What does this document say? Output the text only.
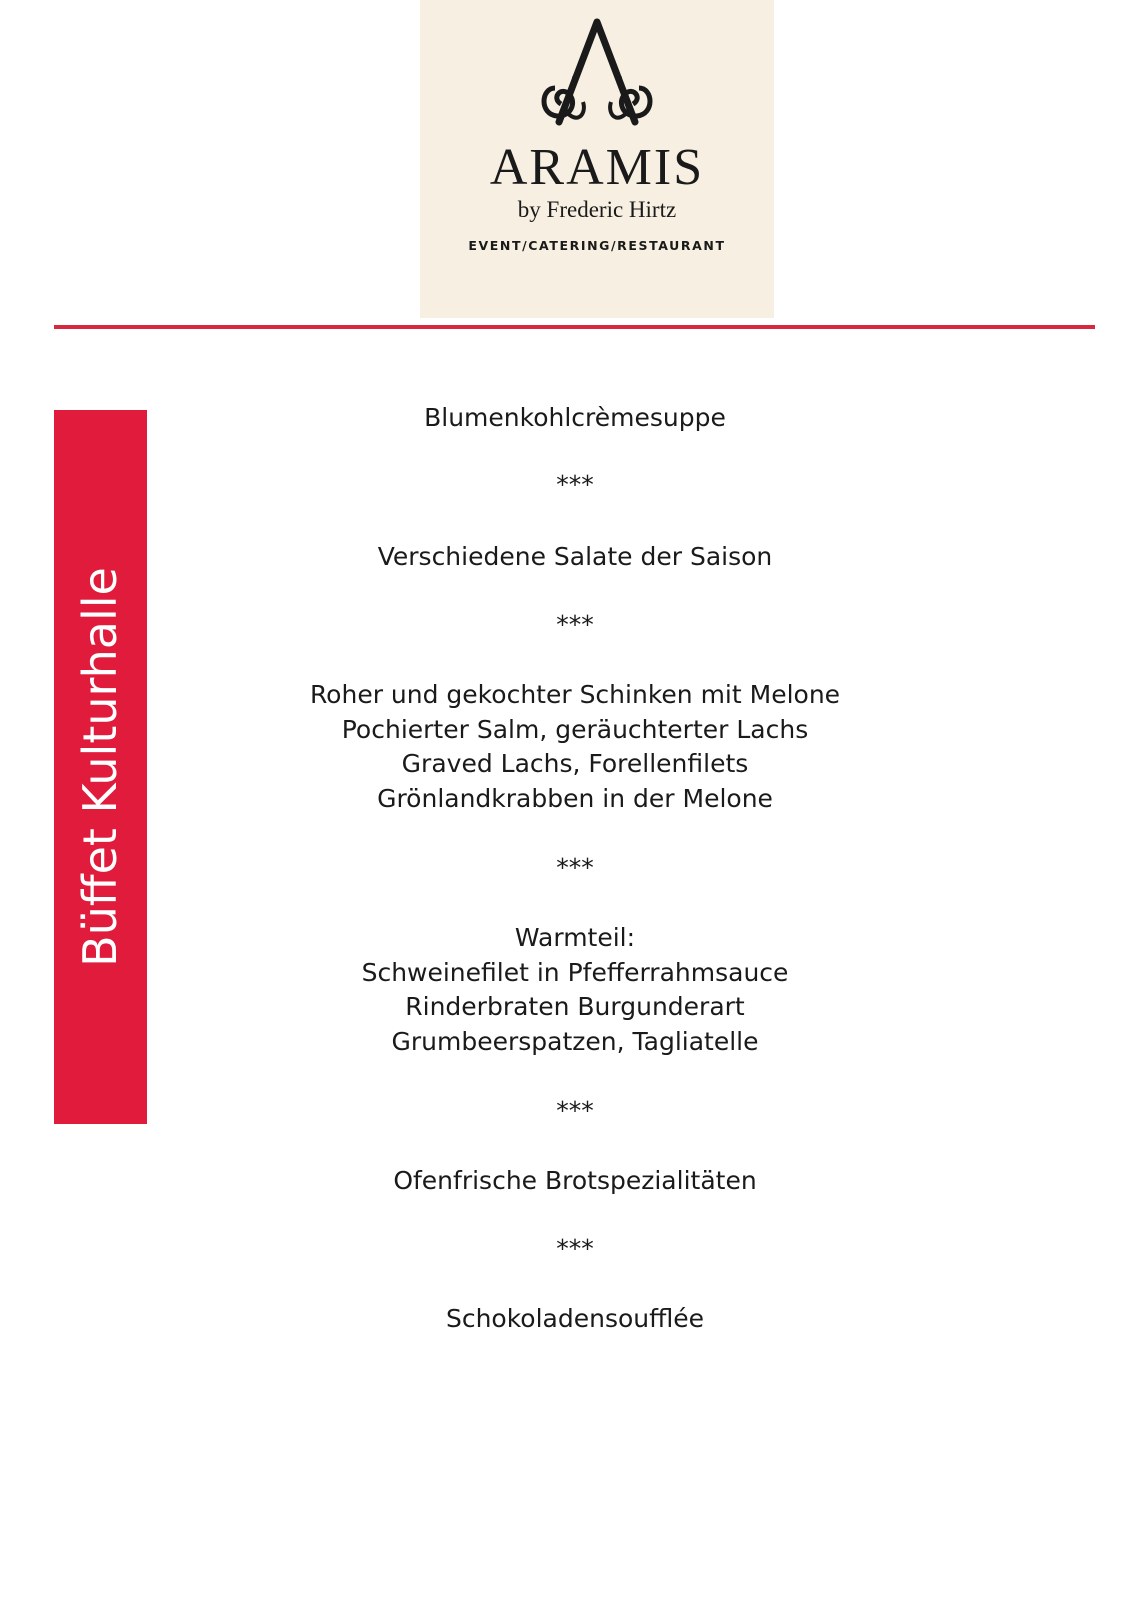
ARAMIS
by Frederic Hirtz
EVENT/CATERING/RESTAURANT
Büffet Kulturhalle
Blumenkohlcrèmesuppe
***
Verschiedene Salate der Saison
***
Roher und gekochter Schinken mit Melone
Pochierter Salm, geräuchterter Lachs
Graved Lachs, Forellenfilets
Grönlandkrabben in der Melone
***
Warmteil:
Schweinefilet in Pfefferrahmsauce
Rinderbraten Burgunderart
Grumbeerspatzen, Tagliatelle
***
Ofenfrische Brotspezialitäten
***
Schokoladensoufflée
